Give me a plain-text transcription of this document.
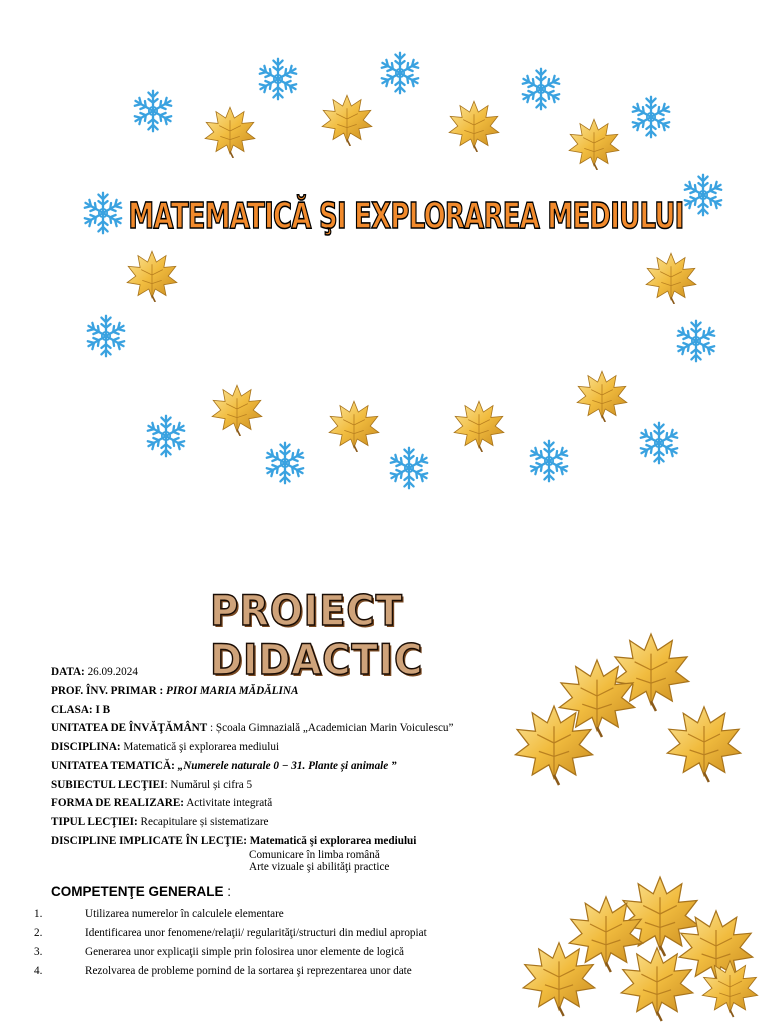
MATEMATICĂ ŞI EXPLORAREA MEDIULUI
PROIECT DIDACTIC
DATA: 26.09.2024
PROF. ÎNV. PRIMAR : PIROI MARIA MĂDĂLINA
CLASA: I B
UNITATEA DE ÎNVĂŢĂMÂNT : Școala Gimnazială „Academician Marin Voiculescu”
DISCIPLINA: Matematică şi explorarea mediului
UNITATEA TEMATICĂ: „Numerele naturale 0 − 31. Plante și animale ”
SUBIECTUL LECŢIEI: Numărul și cifra 5
FORMA DE REALIZARE: Activitate integrată
TIPUL LECŢIEI: Recapitulare și sistematizare
DISCIPLINE IMPLICATE ÎN LECŢIE: Matematică şi explorarea mediului
Comunicare în limba română
Arte vizuale şi abilităţi practice
COMPETENŢE GENERALE :
1.	Utilizarea numerelor în calculele elementare
2.	Identificarea unor fenomene/relaţii/ regularităţi/structuri din mediul apropiat
3.	Generarea unor explicaţii simple prin folosirea unor elemente de logică
4.	Rezolvarea de probleme pornind de la sortarea şi reprezentarea unor date
